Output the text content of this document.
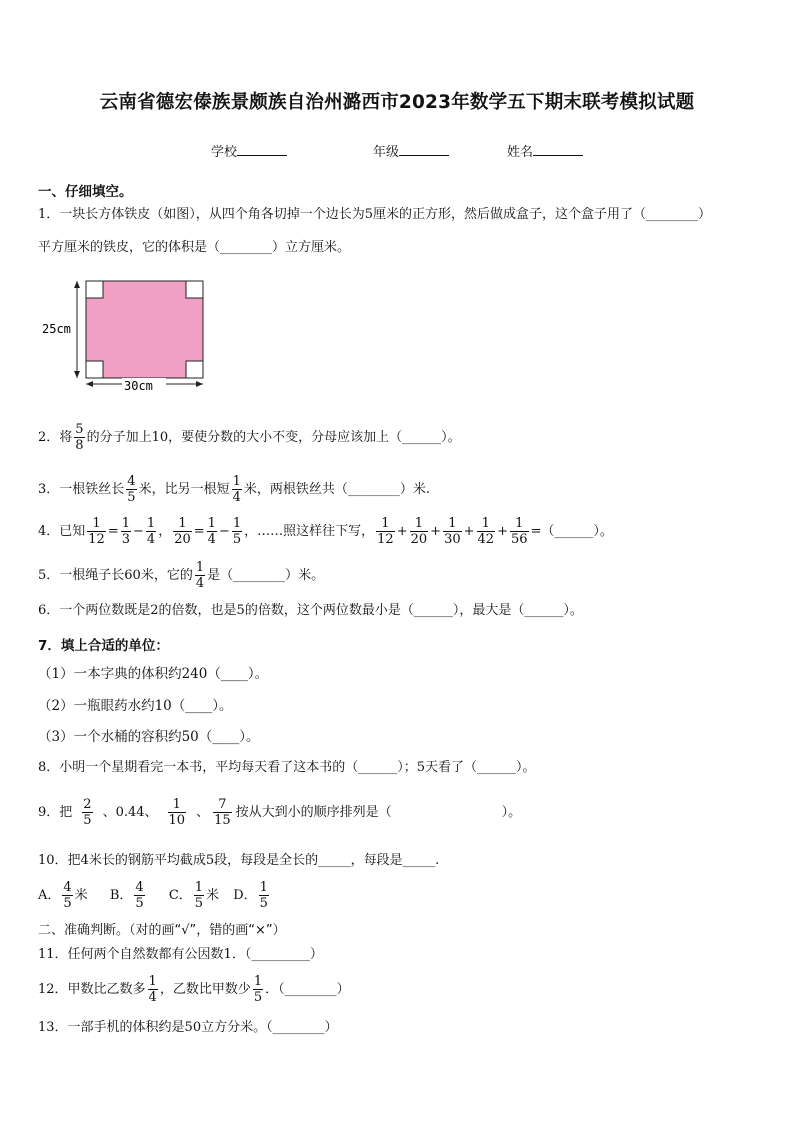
云南省德宏傣族景颇族自治州潞西市2023年数学五下期末联考模拟试题
学校	年级	姓名
一、仔细填空。
1．一块长方体铁皮（如图），从四个角各切掉一个边长为5厘米的正方形，然后做成盒子，这个盒子用了（________）
平方厘米的铁皮，它的体积是（________）立方厘米。
25cm
30cm
2．将 $\frac{5}{8}$ 的分子加上10，要使分数的大小不变，分母应该加上（______）。
3．一根铁丝长 $\frac{4}{5}$ 米，比另一根短 $\frac{1}{4}$ 米，两根铁丝共（________）米.
4．已知 $\frac{1}{12} = \frac{1}{3} - \frac{1}{4}$ ， $\frac{1}{20} = \frac{1}{4} - \frac{1}{5}$ ，……照这样往下写， $\frac{1}{12} + \frac{1}{20} + \frac{1}{30} + \frac{1}{42} + \frac{1}{56}$ =（______）。
5．一根绳子长60米，它的 $\frac{1}{4}$ 是（________）米。
6．一个两位数既是2的倍数，也是5的倍数，这个两位数最小是（______），最大是（______）。
7．填上合适的单位：
（1）一本字典的体积约240（____）。
（2）一瓶眼药水约10（____）。
（3）一个水桶的容积约50（____）。
8．小明一个星期看完一本书，平均每天看了这本书的（______）；5天看了（______）。
9．把 $\frac{2}{5}$ 、0.44、 $\frac{1}{10}$ 、 $\frac{7}{15}$ 按从大到小的顺序排列是（	）。
10．把4米长的钢筋平均截成5段，每段是全长的_____，每段是_____.
A． $\frac{4}{5}$ 米 B． $\frac{4}{5}$ C． $\frac{1}{5}$ 米 D． $\frac{1}{5}$
二、准确判断。（对的画“√”，错的画“×”）
11．任何两个自然数都有公因数1．（_________）
12．甲数比乙数多 $\frac{1}{4}$ ，乙数比甲数少 $\frac{1}{5}$ ．（________）
13．一部手机的体积约是50立方分米。（________）
